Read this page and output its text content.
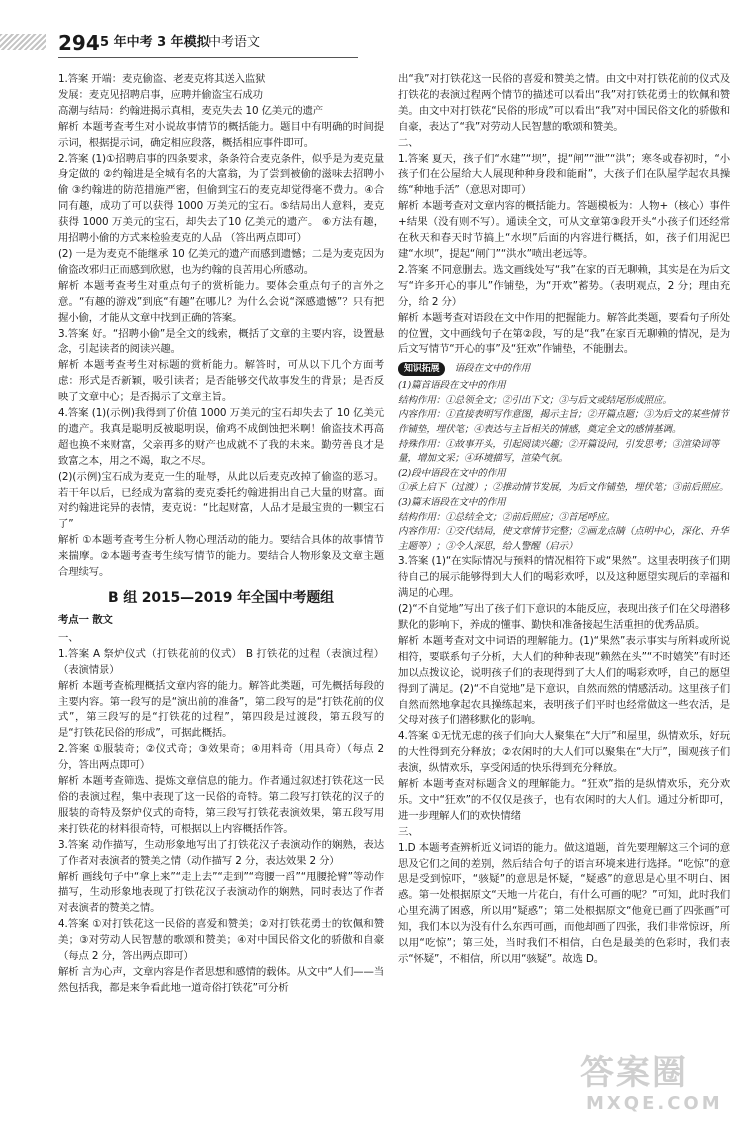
294 5 年中考 3 年模拟
中考语文

1.答案 开端：麦克偷盗、老麦克将其送入监狱

发展：麦克见招聘启事，应聘并偷盗宝石成功

高潮与结局：约翰进揭示真相，麦克失去 10 亿美元的遗产

解析 本题考查考生对小说故事情节的概括能力。题目中有明确的时间提示词，根据提示词，确定相应段落，概括相应事件即可。

2.答案 (1)①招聘启事的四条要求，条条符合麦克条件，似乎是为麦克量身定做的 ②约翰进是全城有名的大富翁，为了尝到被偷的滋味去招聘小偷 ③约翰进的防范措施严密，但偷到宝石的麦克却觉得毫不费力。④合同有趣，成功了可以获得 1000 万美元的宝石。⑤结局出人意料，麦克获得 1000 万美元的宝石，却失去了10 亿美元的遗产。 ⑥方法有趣，用招聘小偷的方式来检验麦克的人品 （答出两点即可）

(2) 一是为麦克不能继承 10 亿美元的遗产而感到遗憾；二是为麦克因为偷盗改邪归正而感到欣慰，也为约翰的良苦用心所感动。

解析 本题考查考生对重点句子的赏析能力。要体会重点句子的言外之意。“有趣的游戏”到底“有趣”在哪儿？为什么会说“深感遗憾”？只有把握小偷，才能从文章中找到正确的答案。

3.答案 好。“招聘小偷”是全文的线索，概括了文章的主要内容，设置悬念，引起读者的阅读兴趣。

解析 本题考查考生对标题的赏析能力。解答时，可从以下几个方面考虑：形式是否新颖，吸引读者；是否能够交代故事发生的背景；是否反映了文章中心；是否揭示了文章主旨。

4.答案 (1)(示例)我得到了价值 1000 万美元的宝石却失去了 10 亿美元的遗产。我真是聪明反被聪明误，偷鸡不成倒蚀把米啊！偷盗技术再高超也换不来财富，父亲再多的财产也成就不了我的未来。勤劳善良才是致富之本，用之不竭，取之不尽。

(2)(示例)宝石成为麦克一生的耻辱，从此以后麦克改掉了偷盗的恶习。若干年以后，已经成为富翁的麦克委托约翰进捐出自己大量的财富。面对约翰进诧异的表情，麦克说：“比起财富，人品才是最宝贵的一颗宝石了”

解析 ①本题考查考生分析人物心理活动的能力。要结合具体的故事情节来揣摩。②本题考查考生续写情节的能力。要结合人物形象及文章主题合理续写。

B 组 2015—2019 年全国中考题组
考点一 散文

一、

1.答案 A 祭炉仪式（打铁花前的仪式） B 打铁花的过程（表演过程）（表演情景）

解析 本题考查梳理概括文章内容的能力。解答此类题，可先概括每段的主要内容。第一段写的是“演出前的准备”，第二段写的是“打铁花前的仪式”，第三段写的是“打铁花的过程”，第四段是过渡段，第五段写的是“打铁花民俗的形成”，可据此概括。

2.答案 ①服装奇；②仪式奇；③效果奇；④用料奇（用具奇）（每点 2 分，答出两点即可）

解析 本题考查筛选、提炼文章信息的能力。作者通过叙述打铁花这一民俗的表演过程，集中表现了这一民俗的奇特。第二段写打铁花的汉子的服装的奇特及祭炉仪式的奇特，第三段写打铁花表演效果，第五段写用来打铁花的材料很奇特，可根据以上内容概括作答。

3.答案 动作描写，生动形象地写出了打铁花汉子表演动作的娴熟，表达了作者对表演者的赞美之情（动作描写 2 分，表达效果 2 分）

解析 画线句子中“拿上来”“走上去”“走到”“弯腰一舀”“甩腰抡臂”等动作描写，生动形象地表现了打铁花汉子表演动作的娴熟，同时表达了作者对表演者的赞美之情。

4.答案 ①对打铁花这一民俗的喜爱和赞美；②对打铁花勇士的钦佩和赞美；③对劳动人民智慧的歌颂和赞美；④对中国民俗文化的骄傲和自豪（每点 2 分，答出两点即可）

解析 言为心声，文章内容是作者思想和感情的载体。从文中“人们——当然包括我，都是来争看此地一道奇俗打铁花”可分析

出“我”对打铁花这一民俗的喜爱和赞美之情。由文中对打铁花前的仪式及打铁花的表演过程两个情节的描述可以看出“我”对打铁花勇士的钦佩和赞美。由文中对打铁花“民俗的形成”可以看出“我”对中国民俗文化的骄傲和自豪，表达了“我”对劳动人民智慧的歌颂和赞美。

二、

1.答案 夏天，孩子们“水建”“坝”，提“闸”“泄”“洪”；寒冬或春初时，“小孩子们在公屋给大人展现种种身段和能耐”，大孩子们在队屋学起农具操练“种地手活”（意思对即可）

解析 本题考查对文章内容的概括能力。答题模板为：人物+（核心）事件+结果（没有则不写）。通读全文，可从文章第③段开头“小孩子们还经常在秋天和春天时节搞上“水坝”后面的内容进行概括，如，孩子们用泥巴建“水坝”，提起“闸门”“洪水”喷出老远等。

2.答案 不同意删去。选文画线处写“我”在家的百无聊赖，其实是在为后文写“许多开心的事儿”作铺垫，为“开欢”蓄势。（表明观点，2 分；理由充分，给 2 分）

解析 本题考查对语段在文中作用的把握能力。解答此类题，要看句子所处的位置，文中画线句子在第②段，写的是“我”在家百无聊赖的情况，是为后文写情节“开心的事”及“狂欢”作铺垫，不能删去。

知识拓展 语段在文中的作用
(1)篇首语段在文中的作用
结构作用：①总领全文；②引出下文；③与后文或结尾形成照应。
内容作用：①直接表明写作意图，揭示主旨；②开篇点题；③为后文的某些情节作铺垫，埋伏笔；④表达与主旨相关的情感，奠定全文的感情基调。
持殊作用：①故事开头，引起阅读兴趣；②开篇设问，引发思考；③渲染词等量，增加文采；④环境描写，渲染气氛。
(2)段中语段在文中的作用
①承上启下（过渡）；②推动情节发展，为后文作铺垫，埋伏笔；③前后照应。
(3)篇末语段在文中的作用
结构作用：①总结全文；②前后照应；③首尾呼应。
内容作用：①交代结局，使文章情节完整；②画龙点睛（点明中心，深化、升华主题等）；③令人深思，给人警醒（启示）

3.答案 (1)“在实际情况与预料的情况相符下或“果然”。这里表明孩子们期待自己的展示能够得到大人们的喝彩欢呼，以及这种愿望实现后的幸福和满足的心理。

(2)“不自觉地”写出了孩子们下意识的本能反应，表现出孩子们在父母潜移默化的影响下，养成的懂事、勤快和准备接起生活重担的优秀品质。

解析 本题考查对文中词语的理解能力。(1)“果然”表示事实与所料或所说相符，要联系句子分析，大人们的种种表现“赖然在头”“不时嬉笑”有时还加以点拨议论，说明孩子们的表现得到了大人们的喝彩欢呼，自己的愿望得到了满足。(2)“不自觉地”是下意识，自然而然的情感活动。这里孩子们自然而然地拿起农具操练起来，表明孩子们平时也经常做这一些农活，是父母对孩子们潜移默化的影响。

4.答案 ①无忧无虑的孩子们向大人聚集在“大厅”和屋里，纵情欢乐，好玩的大性得到充分释放；②农闲时的大人们可以聚集在“大厅”，围观孩子们表演，纵情欢乐，享受闲适的快乐得到充分释放。

解析 本题考查对标题含义的理解能力。“狂欢”指的是纵情欢乐，充分欢乐。文中“狂欢”的不仅仅是孩子，也有农闲时的大人们。通过分析即可，进一步理解人们的欢快情绪

三、

1.D 本题考查辨析近义词语的能力。做这道题，首先要理解这三个词的意思及它们之间的差别，然后结合句子的语言环境来进行选择。“吃惊”的意思是受到惊吓，“骇疑”的意思是怀疑，“疑惑”的意思是心里不明白、困惑。第一处根据原文“天地一片花白，有什么可画的呢？”可知，此时我们心里充满了困惑，所以用“疑惑”；第二处根据原文“他竟已画了四张画”可知，我们本以为没有什么东西可画，而他却画了四张，我们非常惊讶，所以用“吃惊”；第三处，当时我们不相信，白色是最美的色彩时，我们表示“怀疑”，不相信，所以用“骇疑”。故选 D。

答案圈
MXQE.COM
